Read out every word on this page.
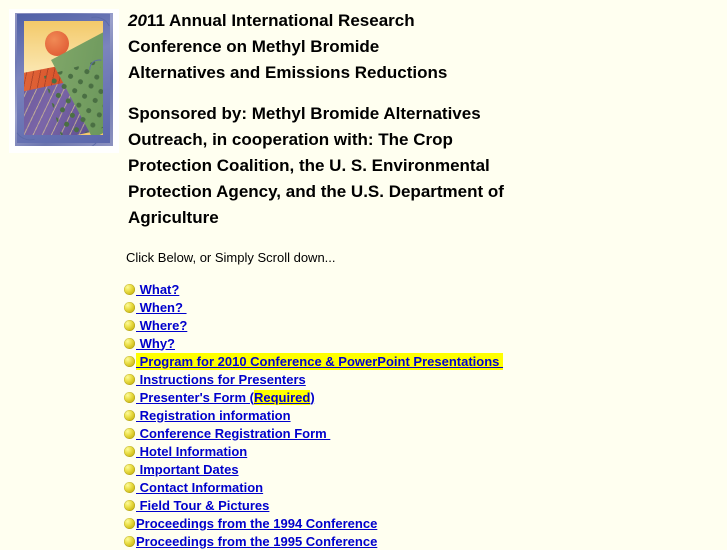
2011 Annual International Research
Conference on Methyl Bromide
Alternatives and Emissions Reductions
Sponsored by: Methyl Bromide Alternatives
Outreach, in cooperation with: The Crop
Protection Coalition, the U. S. Environmental
Protection Agency, and the U.S. Department of
Agriculture
Click Below, or Simply Scroll down...
What?
When?
Where?
Why?
Program for 2010 Conference & PowerPoint Presentations
Instructions for Presenters
Presenter's Form (Required)
Registration information
Conference Registration Form
Hotel Information
Important Dates
Contact Information
Field Tour & Pictures
Proceedings from the 1994 Conference
Proceedings from the 1995 Conference
